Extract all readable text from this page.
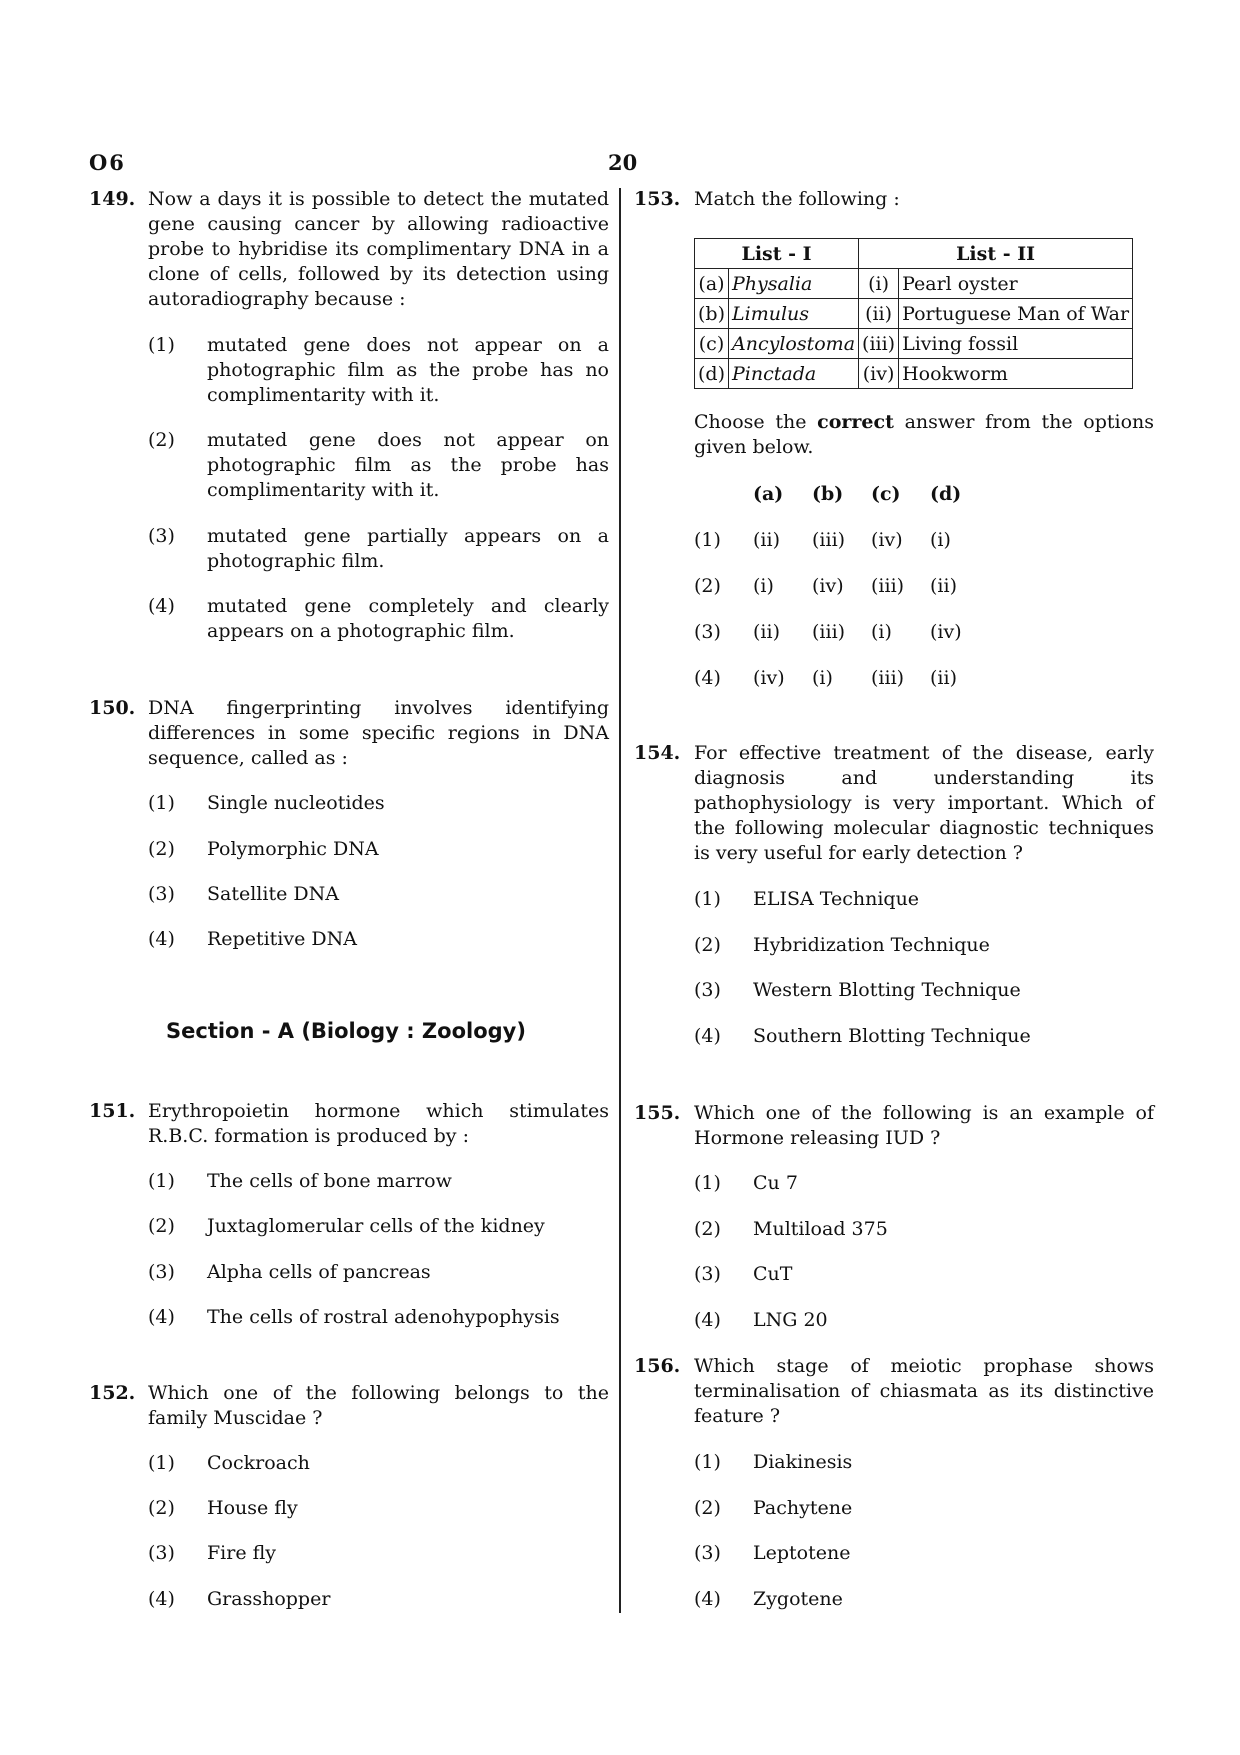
O6	20
149. Now a days it is possible to detect the mutated gene causing cancer by allowing radioactive probe to hybridise its complimentary DNA in a clone of cells, followed by its detection using autoradiography because :
(1) mutated gene does not appear on a photographic film as the probe has no complimentarity with it.
(2) mutated gene does not appear on photographic film as the probe has complimentarity with it.
(3) mutated gene partially appears on a photographic film.
(4) mutated gene completely and clearly appears on a photographic film.
150. DNA fingerprinting involves identifying differences in some specific regions in DNA sequence, called as :
(1) Single nucleotides
(2) Polymorphic DNA
(3) Satellite DNA
(4) Repetitive DNA
Section - A (Biology : Zoology)
151. Erythropoietin hormone which stimulates R.B.C. formation is produced by :
(1) The cells of bone marrow
(2) Juxtaglomerular cells of the kidney
(3) Alpha cells of pancreas
(4) The cells of rostral adenohypophysis
152. Which one of the following belongs to the family Muscidae ?
(1) Cockroach
(2) House fly
(3) Fire fly
(4) Grasshopper
153. Match the following :
List - I		List - II	
(a)	Physalia	(i)	Pearl oyster
(b)	Limulus	(ii)	Portuguese Man of War
(c)	Ancylostoma	(iii)	Living fossil
(d)	Pinctada	(iv)	Hookworm
Choose the correct answer from the options given below.
(a) (b) (c) (d)
(1) (ii) (iii) (iv) (i)
(2) (i) (iv) (iii) (ii)
(3) (ii) (iii) (i) (iv)
(4) (iv) (i) (iii) (ii)
154. For effective treatment of the disease, early diagnosis and understanding its pathophysiology is very important. Which of the following molecular diagnostic techniques is very useful for early detection ?
(1) ELISA Technique
(2) Hybridization Technique
(3) Western Blotting Technique
(4) Southern Blotting Technique
155. Which one of the following is an example of Hormone releasing IUD ?
(1) Cu 7
(2) Multiload 375
(3) CuT
(4) LNG 20
156. Which stage of meiotic prophase shows terminalisation of chiasmata as its distinctive feature ?
(1) Diakinesis
(2) Pachytene
(3) Leptotene
(4) Zygotene
